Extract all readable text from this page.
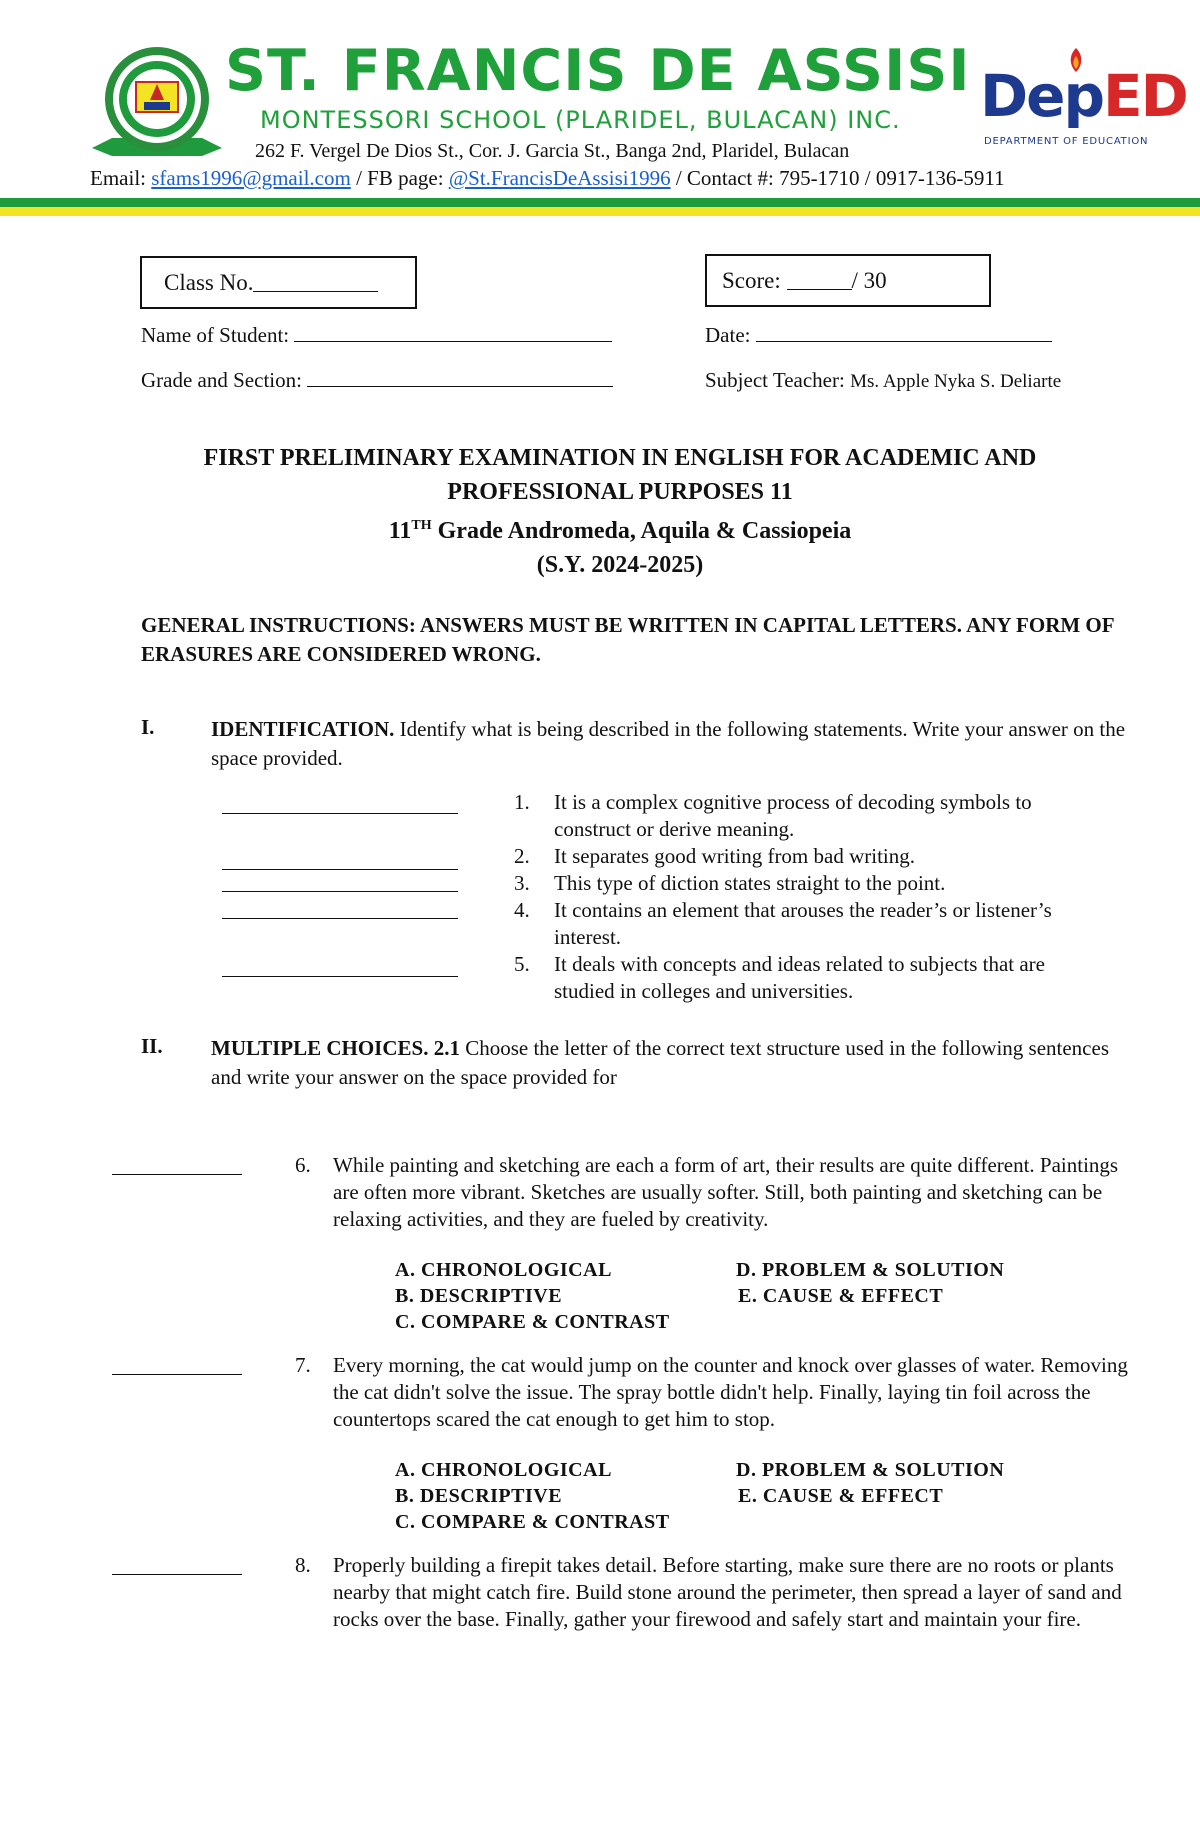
ST. FRANCIS DE ASSISI
MONTESSORI SCHOOL (PLARIDEL, BULACAN) INC.
262 F. Vergel De Dios St., Cor. J. Garcia St., Banga 2nd, Plaridel, Bulacan
Email: sfams1996@gmail.com / FB page: @St.FrancisDeAssisi1996 / Contact #: 795-1710 / 0917-136-5911
DepED
DEPARTMENT OF EDUCATION
Class No.	Score:
	/ 30
Name of Student:	Date:
Grade and Section:	Subject Teacher: Ms. Apple Nyka S. Deliarte
FIRST PRELIMINARY EXAMINATION IN ENGLISH FOR ACADEMIC AND
PROFESSIONAL PURPOSES 11
11TH Grade Andromeda, Aquila & Cassiopeia
(S.Y. 2024-2025)
GENERAL INSTRUCTIONS: ANSWERS MUST BE WRITTEN IN CAPITAL LETTERS. ANY FORM OF ERASURES ARE CONSIDERED WRONG.
I.	IDENTIFICATION. Identify what is being described in the following statements. Write your answer on the space provided.
1. It is a complex cognitive process of decoding symbols to
construct or derive meaning.
2. It separates good writing from bad writing.
3. This type of diction states straight to the point.
4. It contains an element that arouses the reader’s or listener’s
interest.
5. It deals with concepts and ideas related to subjects that are
studied in colleges and universities.
II. MULTIPLE CHOICES. 2.1 Choose the letter of the correct text structure used in the following sentences and write your answer on the space provided for
6.	While painting and sketching are each a form of art, their results are quite different. Paintings are often more vibrant. Sketches are usually softer. Still, both painting and sketching can be relaxing activities, and they are fueled by creativity.
A. CHRONOLOGICAL
B. DESCRIPTIVE
C. COMPARE & CONTRAST
D. PROBLEM & SOLUTION
E. CAUSE & EFFECT
7.	Every morning, the cat would jump on the counter and knock over glasses of water. Removing the cat didn't solve the issue. The spray bottle didn't help. Finally, laying tin foil across the countertops scared the cat enough to get him to stop.
A. CHRONOLOGICAL
B. DESCRIPTIVE
C. COMPARE & CONTRAST
D. PROBLEM & SOLUTION
E. CAUSE & EFFECT
8.	Properly building a firepit takes detail. Before starting, make sure there are no roots or plants nearby that might catch fire. Build stone around the perimeter, then spread a layer of sand and rocks over the base. Finally, gather your firewood and safely start and maintain your fire.
